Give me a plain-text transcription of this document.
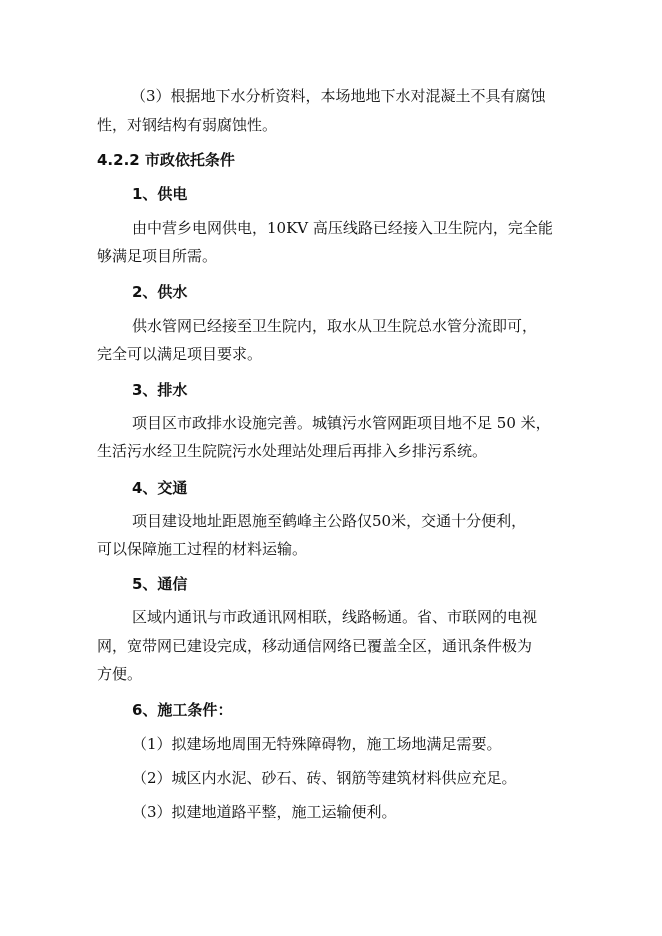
（3）根据地下水分析资料，本场地地下水对混凝土不具有腐蚀
性，对钢结构有弱腐蚀性。
4.2.2 市政依托条件
1、供电
由中营乡电网供电，10KV 高压线路已经接入卫生院内，完全能
够满足项目所需。
2、供水
供水管网已经接至卫生院内，取水从卫生院总水管分流即可，
完全可以满足项目要求。
3、排水
项目区市政排水设施完善。城镇污水管网距项目地不足 50 米，
生活污水经卫生院院污水处理站处理后再排入乡排污系统。
4、交通
项目建设地址距恩施至鹤峰主公路仅50米，交通十分便利，
可以保障施工过程的材料运输。
5、通信
区域内通讯与市政通讯网相联，线路畅通。省、市联网的电视
网，宽带网已建设完成，移动通信网络已覆盖全区，通讯条件极为
方便。
6、施工条件：
（1）拟建场地周围无特殊障碍物，施工场地满足需要。
（2）城区内水泥、砂石、砖、钢筋等建筑材料供应充足。
（3）拟建地道路平整，施工运输便利。
